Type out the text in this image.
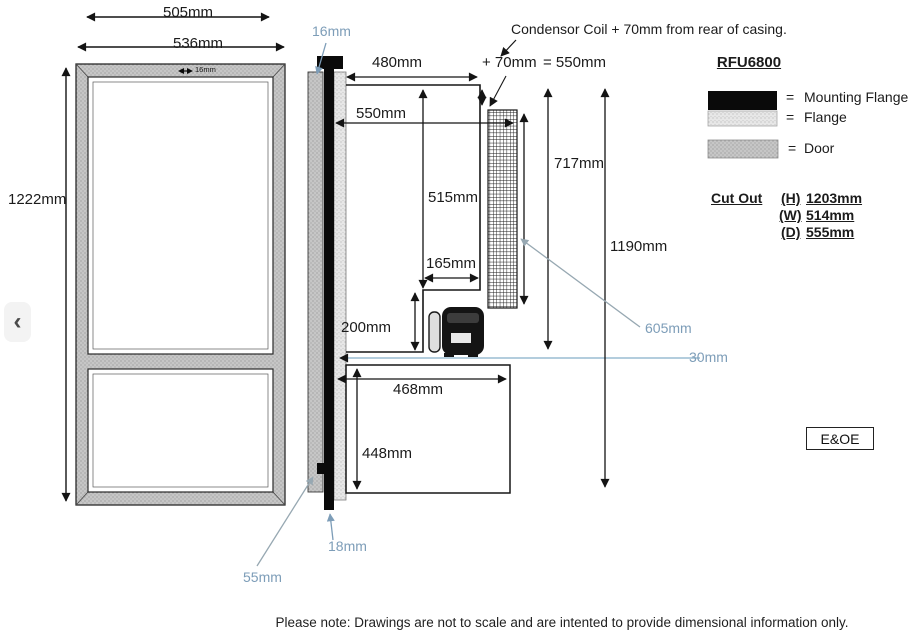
505mm
536mm
1222mm
16mm
16mm
480mm	+ 70mm = 550mm
Condensor Coil + 70mm from rear of casing.
550mm
515mm
165mm
200mm
717mm
1190mm
605mm
30mm
468mm
448mm
18mm
55mm
RFU6800
= Mounting Flange
= Flange
= Door
Cut Out (H) 1203mm
(W) 514mm
(D) 555mm
E&OE
Please note: Drawings are not to scale and are intented to provide dimensional information only.
‹
